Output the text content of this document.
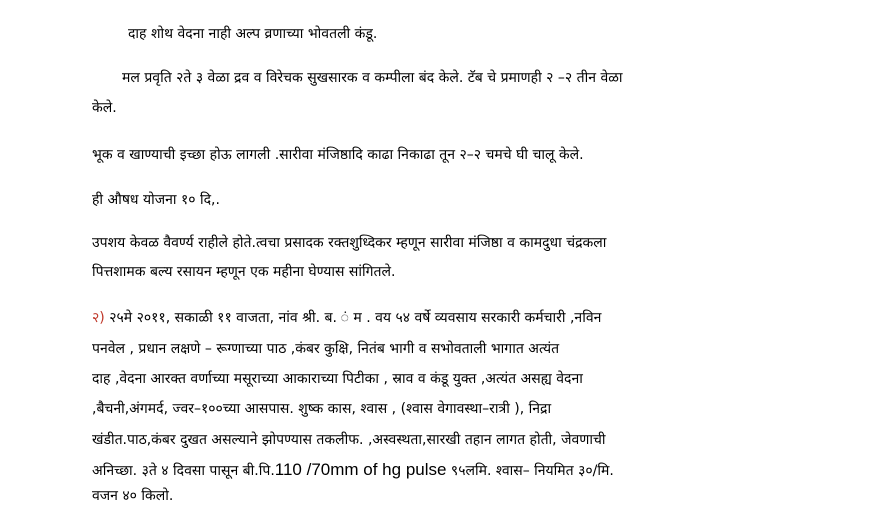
दाह शोथ वेदना नाही अल्प व्रणाच्या भोवतली कंडू.
मल प्रवृति २ते ३ वेळा द्रव व विरेचक सुखसारक व कम्पीला बंद केले. टॅब चे प्रमाणही २ –२ तीन वेळा
केले.
भूक व खाण्याची इच्छा होऊ लागली .सारीवा मंजिष्ठादि काढा निकाढा तून २–२ चमचे घी चालू केले.
ही औषध योजना १० दि,.
उपशय केवळ वैवर्ण्य राहीले होते.त्वचा प्रसादक रक्तशुध्दिकर म्हणून सारीवा मंजिष्ठा व कामदुधा चंद्रकला
पित्तशामक बल्य रसायन म्हणून एक महीना घेण्यास सांगितले.
२) २५मे २०११, सकाळी ११ वाजता, नांव श्री. ब. ं म . वय ५४ वर्षे व्यवसाय सरकारी कर्मचारी ,नविन
पनवेल , प्रधान लक्षणे – रूग्णाच्या पाठ ,कंबर कुक्षि, नितंब भागी व सभोवताली भागात अत्यंत
दाह ,वेदना आरक्त वर्णाच्या मसूराच्या आकाराच्या पिटीका , स्राव व कंडू युक्त ,अत्यंत असह्य वेदना
,बैचनी,अंगमर्द, ज्वर–१००च्या आसपास. शुष्क कास, श्वास , (श्वास वेगावस्था–रात्री ), निद्रा
खंडीत.पाठ,कंबर दुखत असल्याने झोपण्यास तकलीफ. ,अस्वस्थता,सारखी तहान लागत होती, जेवणाची
अनिच्छा. ३ते ४ दिवसा पासून बी.पि.110 /70mm of hg pulse ९५लमि. श्वास– नियमित ३०/मि.
वजन ४० किलो.
